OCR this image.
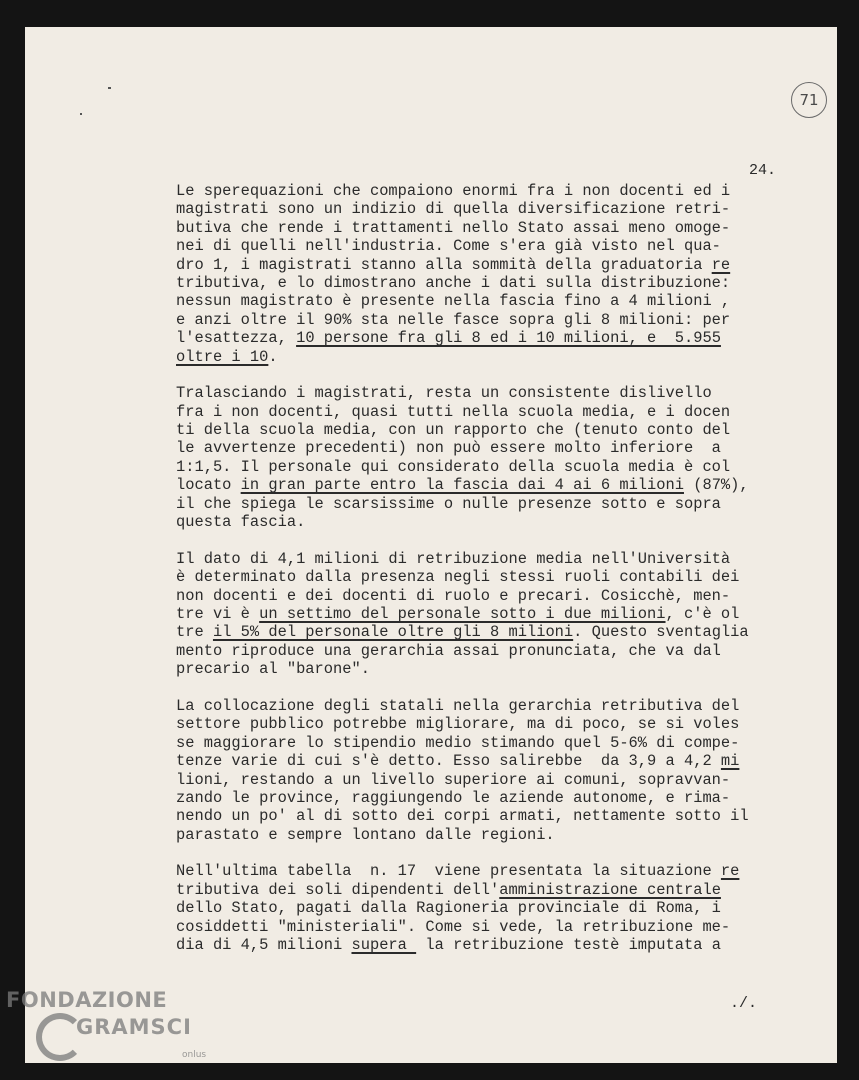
71
24.
./.
Le sperequazioni che compaiono enormi fra i non docenti ed i
magistrati sono un indizio di quella diversificazione retri-
butiva che rende i trattamenti nello Stato assai meno omoge-
nei di quelli nell'industria. Come s'era già visto nel qua-
dro 1, i magistrati stanno alla sommità della graduatoria re
tributiva, e lo dimostrano anche i dati sulla distribuzione:
nessun magistrato è presente nella fascia fino a 4 milioni ,
e anzi oltre il 90% sta nelle fasce sopra gli 8 milioni: per
l'esattezza, 10 persone fra gli 8 ed i 10 milioni, e  5.955
oltre i 10.
Tralasciando i magistrati, resta un consistente dislivello
fra i non docenti, quasi tutti nella scuola media, e i docen
ti della scuola media, con un rapporto che (tenuto conto del
le avvertenze precedenti) non può essere molto inferiore  a
1:1,5. Il personale qui considerato della scuola media è col
locato in gran parte entro la fascia dai 4 ai 6 milioni (87%),
il che spiega le scarsissime o nulle presenze sotto e sopra
questa fascia.
Il dato di 4,1 milioni di retribuzione media nell'Università
è determinato dalla presenza negli stessi ruoli contabili dei
non docenti e dei docenti di ruolo e precari. Cosicchè, men-
tre vi è un settimo del personale sotto i due milioni, c'è ol
tre il 5% del personale oltre gli 8 milioni. Questo sventaglia
mento riproduce una gerarchia assai pronunciata, che va dal
precario al "barone".
La collocazione degli statali nella gerarchia retributiva del
settore pubblico potrebbe migliorare, ma di poco, se si voles
se maggiorare lo stipendio medio stimando quel 5-6% di compe-
tenze varie di cui s'è detto. Esso salirebbe  da 3,9 a 4,2 mi
lioni, restando a un livello superiore ai comuni, sopravvan-
zando le province, raggiungendo le aziende autonome, e rima-
nendo un po' al di sotto dei corpi armati, nettamente sotto il
parastato e sempre lontano dalle regioni.
Nell'ultima tabella  n. 17  viene presentata la situazione re
tributiva dei soli dipendenti dell'amministrazione centrale
dello Stato, pagati dalla Ragioneria provinciale di Roma, i
cosiddetti "ministeriali". Come si vede, la retribuzione me-
dia di 4,5 milioni supera  la retribuzione testè imputata a
FONDAZIONE
GRAMSCI
onlus
